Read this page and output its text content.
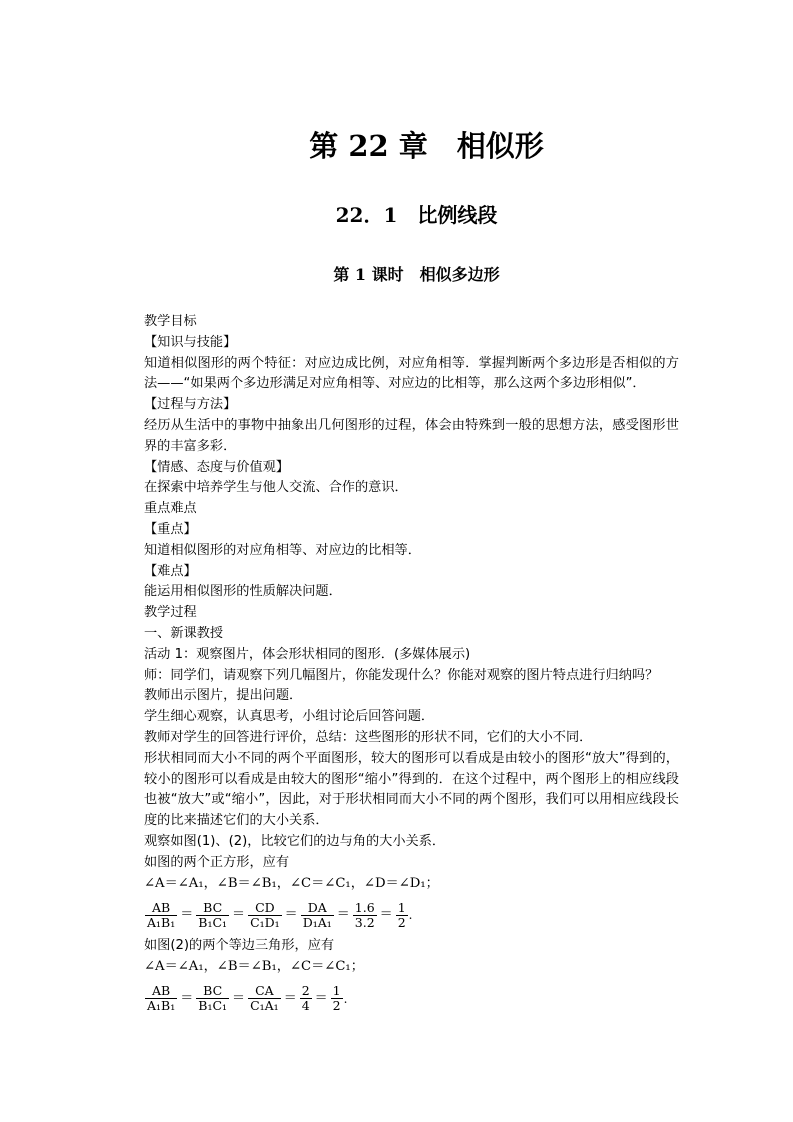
第 22 章　相似形
22．1　比例线段
第 1 课时　相似多边形

教学目标

【知识与技能】

知道相似图形的两个特征：对应边成比例，对应角相等．掌握判断两个多边形是否相似的方法——“如果两个多边形满足对应角相等、对应边的比相等，那么这两个多边形相似”．

【过程与方法】

经历从生活中的事物中抽象出几何图形的过程，体会由特殊到一般的思想方法，感受图形世界的丰富多彩．

【情感、态度与价值观】

在探索中培养学生与他人交流、合作的意识．

重点难点

【重点】

知道相似图形的对应角相等、对应边的比相等．

【难点】

能运用相似图形的性质解决问题．

教学过程

一、新课教授

活动 1：观察图片，体会形状相同的图形．(多媒体展示)

师：同学们，请观察下列几幅图片，你能发现什么？你能对观察的图片特点进行归纳吗？

教师出示图片，提出问题．

学生细心观察，认真思考，小组讨论后回答问题．

教师对学生的回答进行评价，总结：这些图形的形状不同，它们的大小不同．

形状相同而大小不同的两个平面图形，较大的图形可以看成是由较小的图形“放大”得到的，较小的图形可以看成是由较大的图形“缩小”得到的．在这个过程中，两个图形上的相应线段也被“放大”或“缩小”，因此，对于形状相同而大小不同的两个图形，我们可以用相应线段长度的比来描述它们的大小关系．

观察如图(1)、(2)，比较它们的边与角的大小关系．

如图的两个正方形，应有

∠A＝∠A₁，∠B＝∠B₁，∠C＝∠C₁，∠D＝∠D₁；

$\frac{AB}{\text{A₁B₁}} = \frac{BC}{\text{B₁C₁}} = \frac{CD}{\text{C₁D₁}} = \frac{DA}{\text{D₁A₁}} = \frac{1.6}{3.2} = \frac{1}{2}$ .

如图(2)的两个等边三角形，应有

∠A＝∠A₁，∠B＝∠B₁，∠C＝∠C₁；

$\frac{AB}{\text{A₁B₁}} = \frac{BC}{\text{B₁C₁}} = \frac{CA}{\text{C₁A₁}} = \frac{2}{4} = \frac{1}{2}$ .
